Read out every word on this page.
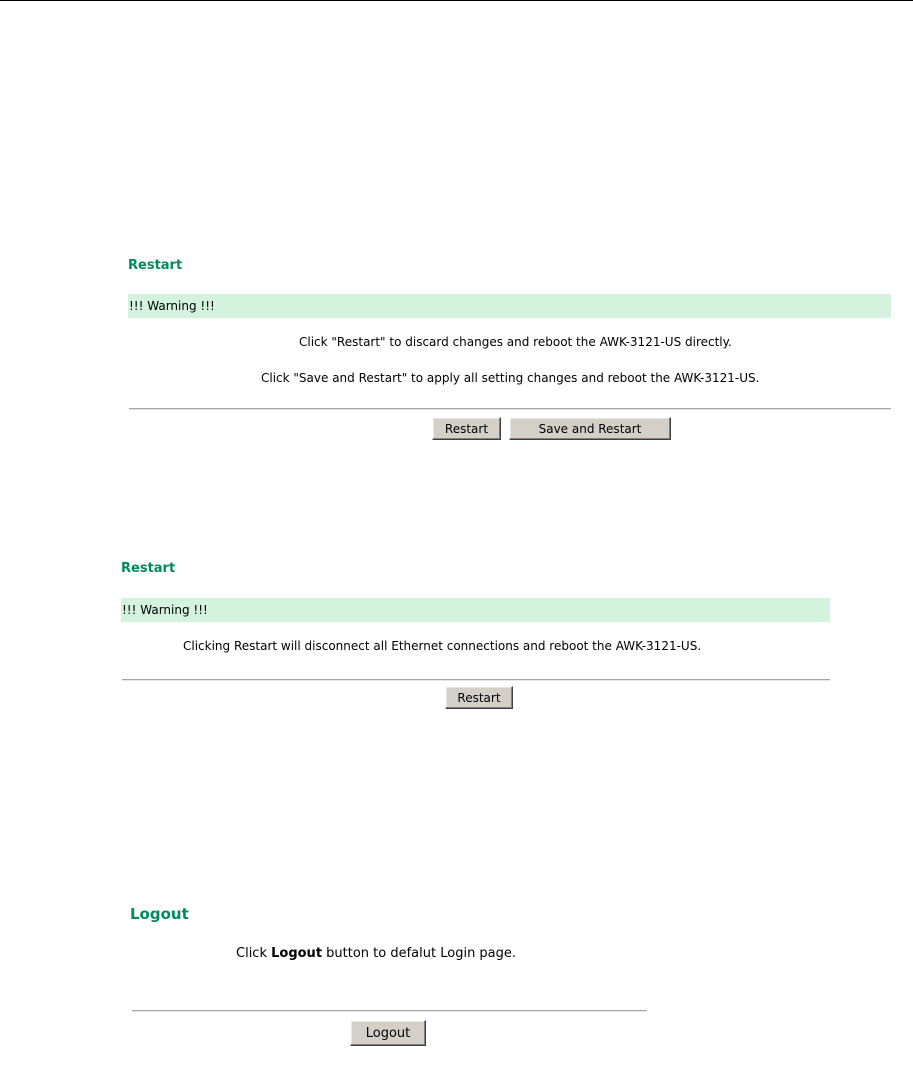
Restart
!!! Warning !!!
Click "Restart" to discard changes and reboot the AWK-3121-US directly.
Click "Save and Restart" to apply all setting changes and reboot the AWK-3121-US.
Restart	Save and Restart
Restart
!!! Warning !!!
Clicking Restart will disconnect all Ethernet connections and reboot the AWK-3121-US.
Restart
Logout
Click Logout button to defalut Login page.
Logout
